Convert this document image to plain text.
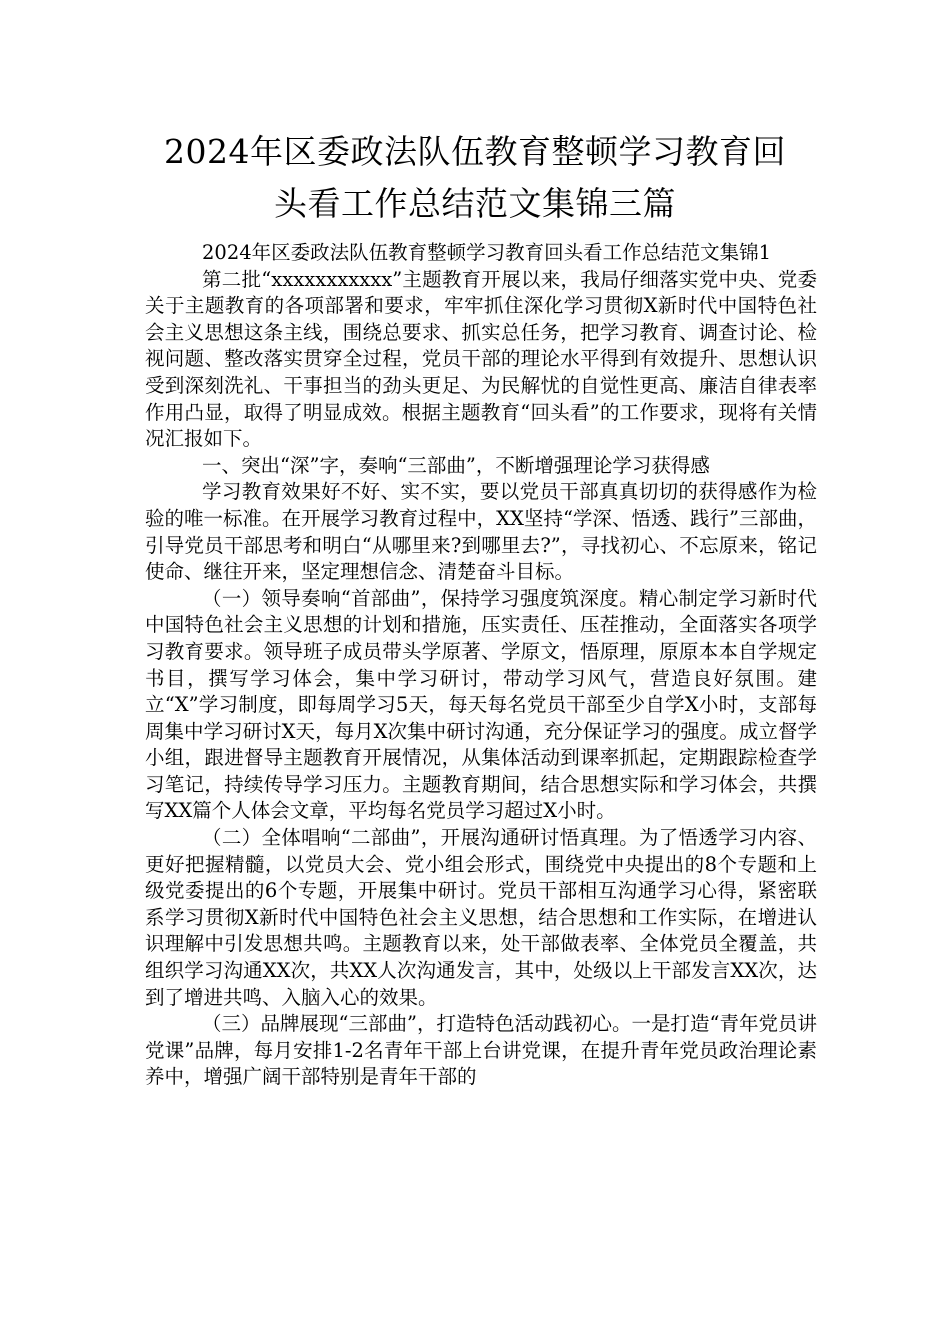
2024年区委政法队伍教育整顿学习教育回
头看工作总结范文集锦三篇

2024年区委政法队伍教育整顿学习教育回头看工作总结范文集锦1

第二批“xxxxxxxxxxx”主题教育开展以来，我局仔细落实党中央、党委关于主题教育的各项部署和要求，牢牢抓住深化学习贯彻X新时代中国特色社会主义思想这条主线，围绕总要求、抓实总任务，把学习教育、调查讨论、检视问题、整改落实贯穿全过程，党员干部的理论水平得到有效提升、思想认识受到深刻洗礼、干事担当的劲头更足、为民解忧的自觉性更高、廉洁自律表率作用凸显，取得了明显成效。根据主题教育“回头看”的工作要求，现将有关情况汇报如下。

一、突出“深”字，奏响“三部曲”，不断增强理论学习获得感

学习教育效果好不好、实不实，要以党员干部真真切切的获得感作为检验的唯一标准。在开展学习教育过程中，XX坚持“学深、悟透、践行”三部曲，引导党员干部思考和明白“从哪里来?到哪里去?”，寻找初心、不忘原来，铭记使命、继往开来，坚定理想信念、清楚奋斗目标。

（一）领导奏响“首部曲”，保持学习强度筑深度。精心制定学习新时代中国特色社会主义思想的计划和措施，压实责任、压茬推动，全面落实各项学习教育要求。领导班子成员带头学原著、学原文，悟原理，原原本本自学规定书目，撰写学习体会，集中学习研讨，带动学习风气，营造良好氛围。建立“X”学习制度，即每周学习5天，每天每名党员干部至少自学X小时，支部每周集中学习研讨X天，每月X次集中研讨沟通，充分保证学习的强度。成立督学小组，跟进督导主题教育开展情况，从集体活动到课率抓起，定期跟踪检查学习笔记，持续传导学习压力。主题教育期间，结合思想实际和学习体会，共撰写XX篇个人体会文章，平均每名党员学习超过X小时。

（二）全体唱响“二部曲”，开展沟通研讨悟真理。为了悟透学习内容、更好把握精髓，以党员大会、党小组会形式，围绕党中央提出的8个专题和上级党委提出的6个专题，开展集中研讨。党员干部相互沟通学习心得，紧密联系学习贯彻X新时代中国特色社会主义思想，结合思想和工作实际，在增进认识理解中引发思想共鸣。主题教育以来，处干部做表率、全体党员全覆盖，共组织学习沟通XX次，共XX人次沟通发言，其中，处级以上干部发言XX次，达到了增进共鸣、入脑入心的效果。

（三）品牌展现“三部曲”，打造特色活动践初心。一是打造“青年党员讲党课”品牌，每月安排1-2名青年干部上台讲党课，在提升青年党员政治理论素养中，增强广阔干部特别是青年干部的
